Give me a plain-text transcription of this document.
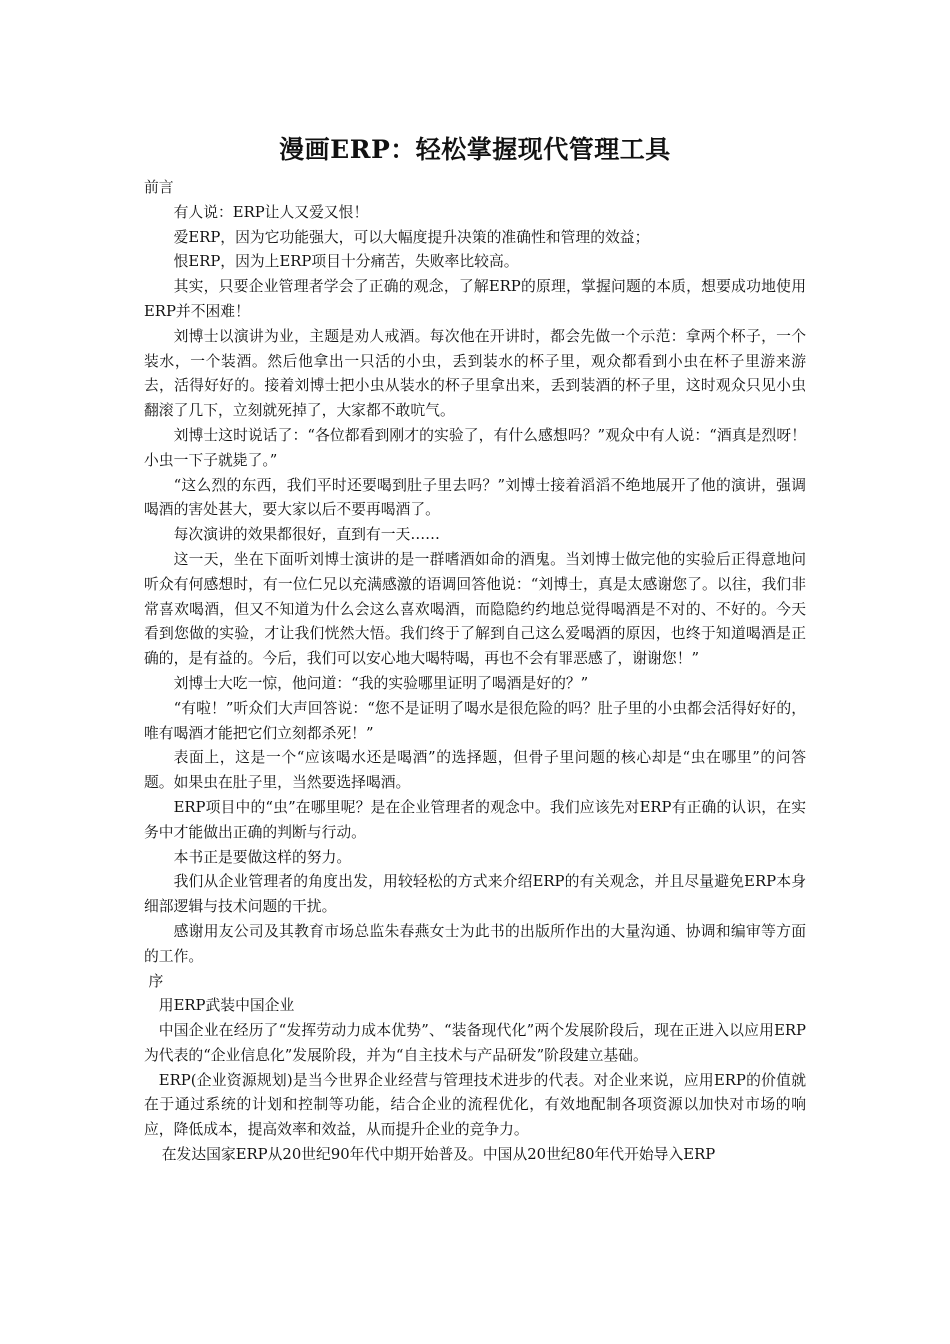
漫画ERP：轻松掌握现代管理工具

前言

有人说：ERP让人又爱又恨！

爱ERP，因为它功能强大，可以大幅度提升决策的准确性和管理的效益；

恨ERP，因为上ERP项目十分痛苦，失败率比较高。

其实，只要企业管理者学会了正确的观念，了解ERP的原理，掌握问题的本质，想要成功地使用ERP并不困难！

刘博士以演讲为业，主题是劝人戒酒。每次他在开讲时，都会先做一个示范：拿两个杯子，一个装水，一个装酒。然后他拿出一只活的小虫，丢到装水的杯子里，观众都看到小虫在杯子里游来游去，活得好好的。接着刘博士把小虫从装水的杯子里拿出来，丢到装酒的杯子里，这时观众只见小虫翻滚了几下，立刻就死掉了，大家都不敢吭气。

刘博士这时说话了：“各位都看到刚才的实验了，有什么感想吗？”观众中有人说：“酒真是烈呀！小虫一下子就毙了。”

“这么烈的东西，我们平时还要喝到肚子里去吗？”刘博士接着滔滔不绝地展开了他的演讲，强调喝酒的害处甚大，要大家以后不要再喝酒了。

每次演讲的效果都很好，直到有一天……

这一天，坐在下面听刘博士演讲的是一群嗜酒如命的酒鬼。当刘博士做完他的实验后正得意地问听众有何感想时，有一位仁兄以充满感激的语调回答他说：“刘博士，真是太感谢您了。以往，我们非常喜欢喝酒，但又不知道为什么会这么喜欢喝酒，而隐隐约约地总觉得喝酒是不对的、不好的。今天看到您做的实验，才让我们恍然大悟。我们终于了解到自己这么爱喝酒的原因，也终于知道喝酒是正确的，是有益的。今后，我们可以安心地大喝特喝，再也不会有罪恶感了，谢谢您！”

刘博士大吃一惊，他问道：“我的实验哪里证明了喝酒是好的？”

“有啦！”听众们大声回答说：“您不是证明了喝水是很危险的吗？肚子里的小虫都会活得好好的，唯有喝酒才能把它们立刻都杀死！”

表面上，这是一个“应该喝水还是喝酒”的选择题，但骨子里问题的核心却是“虫在哪里”的问答题。如果虫在肚子里，当然要选择喝酒。

ERP项目中的“虫”在哪里呢？是在企业管理者的观念中。我们应该先对ERP有正确的认识，在实务中才能做出正确的判断与行动。

本书正是要做这样的努力。

我们从企业管理者的角度出发，用较轻松的方式来介绍ERP的有关观念，并且尽量避免ERP本身细部逻辑与技术问题的干扰。

感谢用友公司及其教育市场总监朱春燕女士为此书的出版所作出的大量沟通、协调和编审等方面的工作。

序

用ERP武装中国企业

中国企业在经历了“发挥劳动力成本优势”、“装备现代化”两个发展阶段后，现在正进入以应用ERP为代表的“企业信息化”发展阶段，并为“自主技术与产品研发”阶段建立基础。

ERP(企业资源规划)是当今世界企业经营与管理技术进步的代表。对企业来说，应用ERP的价值就在于通过系统的计划和控制等功能，结合企业的流程优化，有效地配制各项资源以加快对市场的响应，降低成本，提高效率和效益，从而提升企业的竞争力。

在发达国家ERP从20世纪90年代中期开始普及。中国从20世纪80年代开始导入ERP
